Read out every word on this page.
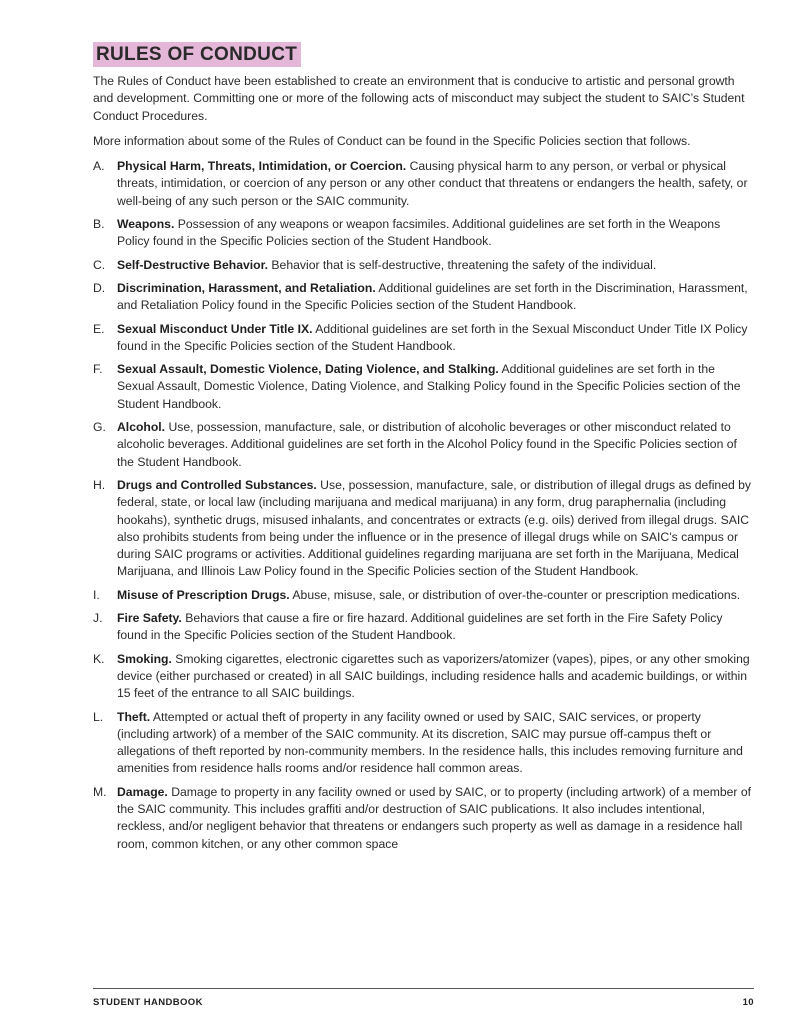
RULES OF CONDUCT

The Rules of Conduct have been established to create an environment that is conducive to artistic and personal growth and development. Committing one or more of the following acts of misconduct may subject the student to SAIC’s Student Conduct Procedures.

More information about some of the Rules of Conduct can be found in the Specific Policies section that follows.

A. Physical Harm, Threats, Intimidation, or Coercion. Causing physical harm to any person, or verbal or physical threats, intimidation, or coercion of any person or any other conduct that threatens or endangers the health, safety, or well-being of any such person or the SAIC community.
B. Weapons. Possession of any weapons or weapon facsimiles. Additional guidelines are set forth in the Weapons Policy found in the Specific Policies section of the Student Handbook.
C. Self-Destructive Behavior. Behavior that is self-destructive, threatening the safety of the individual.
D. Discrimination, Harassment, and Retaliation. Additional guidelines are set forth in the Discrimination, Harassment, and Retaliation Policy found in the Specific Policies section of the Student Handbook.
E. Sexual Misconduct Under Title IX. Additional guidelines are set forth in the Sexual Misconduct Under Title IX Policy found in the Specific Policies section of the Student Handbook.
F. Sexual Assault, Domestic Violence, Dating Violence, and Stalking. Additional guidelines are set forth in the Sexual Assault, Domestic Violence, Dating Violence, and Stalking Policy found in the Specific Policies section of the Student Handbook.
G. Alcohol. Use, possession, manufacture, sale, or distribution of alcoholic beverages or other misconduct related to alcoholic beverages. Additional guidelines are set forth in the Alcohol Policy found in the Specific Policies section of the Student Handbook.
H. Drugs and Controlled Substances. Use, possession, manufacture, sale, or distribution of illegal drugs as defined by federal, state, or local law (including marijuana and medical marijuana) in any form, drug paraphernalia (including hookahs), synthetic drugs, misused inhalants, and concentrates or extracts (e.g. oils) derived from illegal drugs. SAIC also prohibits students from being under the influence or in the presence of illegal drugs while on SAIC’s campus or during SAIC programs or activities. Additional guidelines regarding marijuana are set forth in the Marijuana, Medical Marijuana, and Illinois Law Policy found in the Specific Policies section of the Student Handbook.
I. Misuse of Prescription Drugs. Abuse, misuse, sale, or distribution of over-the-counter or prescription medications.
J. Fire Safety. Behaviors that cause a fire or fire hazard. Additional guidelines are set forth in the Fire Safety Policy found in the Specific Policies section of the Student Handbook.
K. Smoking. Smoking cigarettes, electronic cigarettes such as vaporizers/atomizer (vapes), pipes, or any other smoking device (either purchased or created) in all SAIC buildings, including residence halls and academic buildings, or within 15 feet of the entrance to all SAIC buildings.
L. Theft. Attempted or actual theft of property in any facility owned or used by SAIC, SAIC services, or property (including artwork) of a member of the SAIC community. At its discretion, SAIC may pursue off-campus theft or allegations of theft reported by non-community members. In the residence halls, this includes removing furniture and amenities from residence halls rooms and/or residence hall common areas.
M. Damage. Damage to property in any facility owned or used by SAIC, or to property (including artwork) of a member of the SAIC community. This includes graffiti and/or destruction of SAIC publications. It also includes intentional, reckless, and/or negligent behavior that threatens or endangers such property as well as damage in a residence hall room, common kitchen, or any other common space
STUDENT HANDBOOK	10
